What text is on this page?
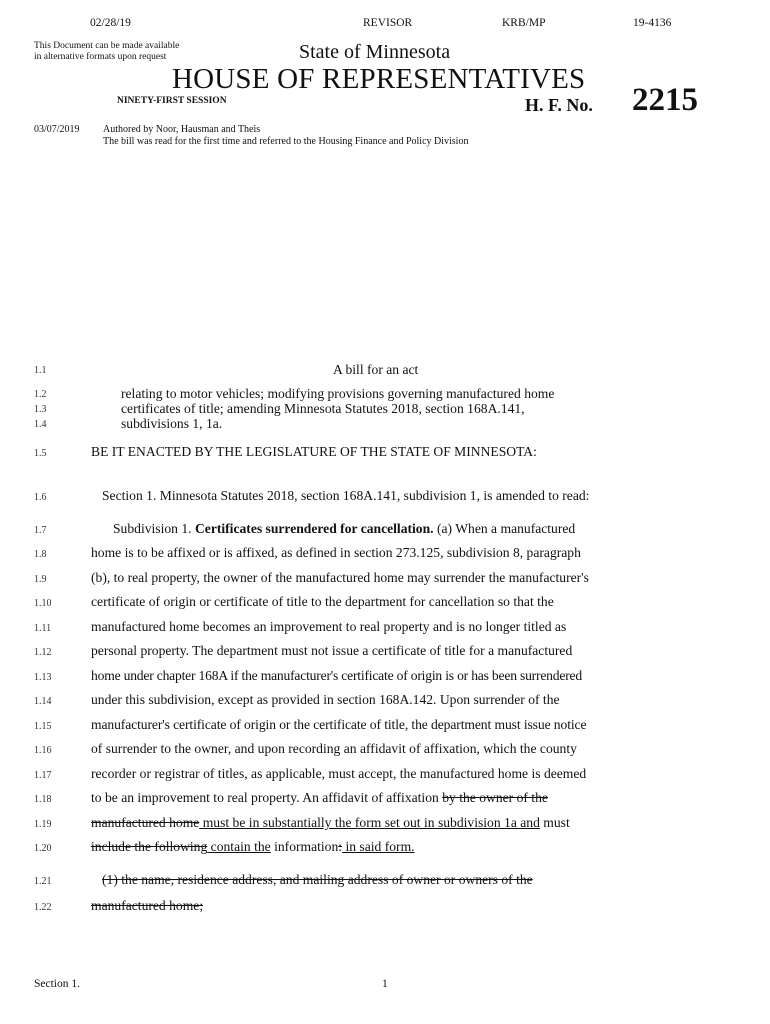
02/28/19	REVISOR	KRB/MP	19-4136
This Document can be made available
in alternative formats upon request	State of Minnesota
HOUSE OF REPRESENTATIVES
NINETY-FIRST SESSION	H. F. No. 2215
03/07/2019 Authored by Noor, Hausman and Theis
The bill was read for the first time and referred to the Housing Finance and Policy Division
1.1	A bill for an act
1.2	relating to motor vehicles; modifying provisions governing manufactured home
1.3	certificates of title; amending Minnesota Statutes 2018, section 168A.141,
1.4	subdivisions 1, 1a.
1.5	BE IT ENACTED BY THE LEGISLATURE OF THE STATE OF MINNESOTA:
1.6	Section 1. Minnesota Statutes 2018, section 168A.141, subdivision 1, is amended to read:
1.7	Subdivision 1. Certificates surrendered for cancellation. (a) When a manufactured
1.8	home is to be affixed or is affixed, as defined in section 273.125, subdivision 8, paragraph
1.9	(b), to real property, the owner of the manufactured home may surrender the manufacturer's
1.10	certificate of origin or certificate of title to the department for cancellation so that the
1.11	manufactured home becomes an improvement to real property and is no longer titled as
1.12	personal property. The department must not issue a certificate of title for a manufactured
1.13	home under chapter 168A if the manufacturer's certificate of origin is or has been surrendered
1.14	under this subdivision, except as provided in section 168A.142. Upon surrender of the
1.15	manufacturer's certificate of origin or the certificate of title, the department must issue notice
1.16	of surrender to the owner, and upon recording an affidavit of affixation, which the county
1.17	recorder or registrar of titles, as applicable, must accept, the manufactured home is deemed
1.18	to be an improvement to real property. An affidavit of affixation by the owner of the
1.19	manufactured home must be in substantially the form set out in subdivision 1a and must
1.20	include the following contain the information: in said form.
1.21	(1) the name, residence address, and mailing address of owner or owners of the
1.22	manufactured home;
Section 1.	1
